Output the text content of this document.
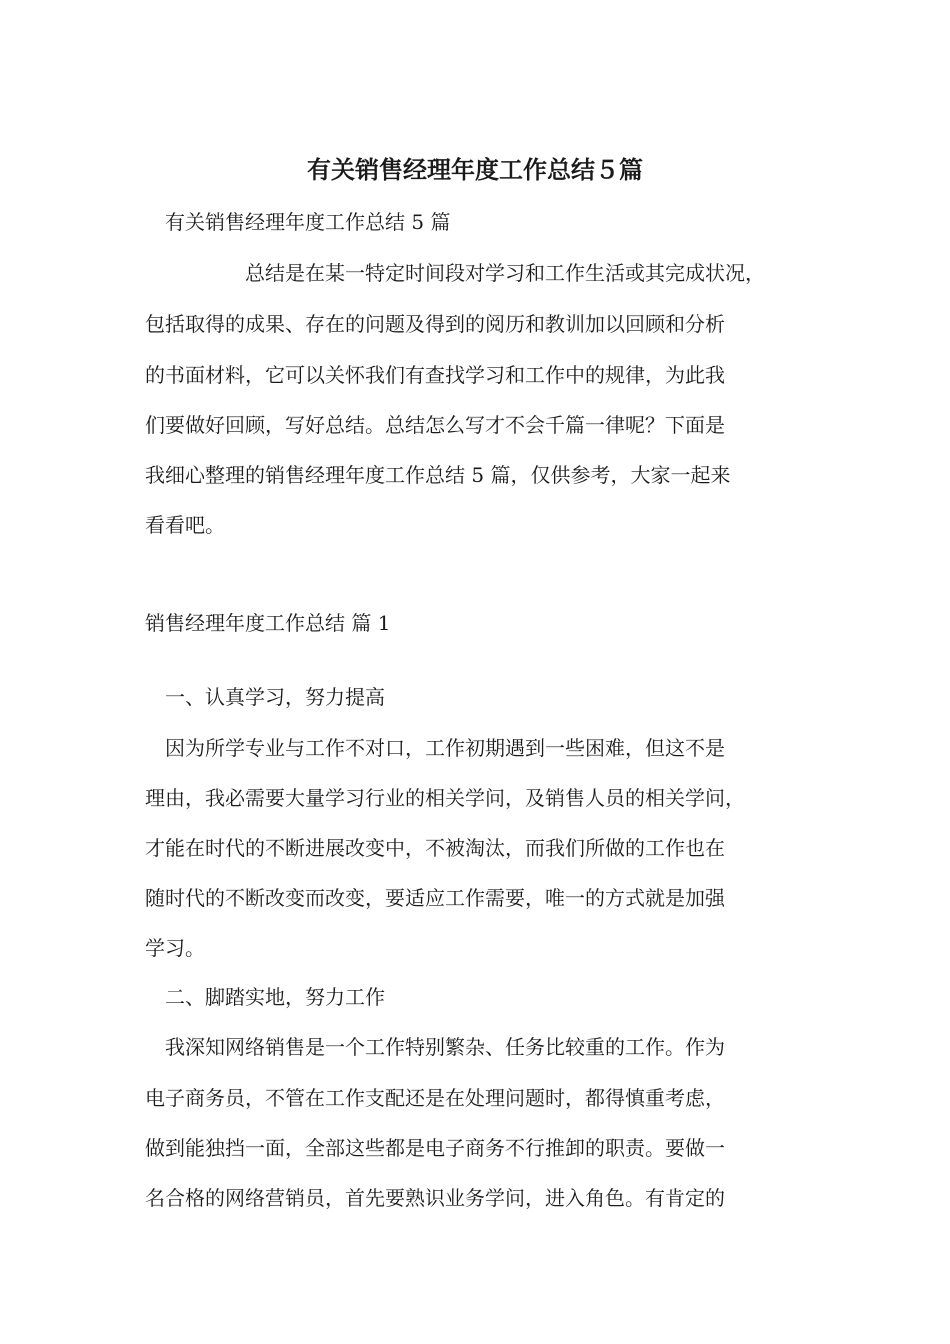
有关销售经理年度工作总结５篇

有关销售经理年度工作总结 5 篇

总结是在某一特定时间段对学习和工作生活或其完成状况，

包括取得的成果、存在的问题及得到的阅历和教训加以回顾和分析

的书面材料，它可以关怀我们有查找学习和工作中的规律，为此我

们要做好回顾，写好总结。总结怎么写才不会千篇一律呢？下面是

我细心整理的销售经理年度工作总结 5 篇，仅供参考，大家一起来

看看吧。

销售经理年度工作总结 篇 1

一、认真学习，努力提高

因为所学专业与工作不对口，工作初期遇到一些困难，但这不是

理由，我必需要大量学习行业的相关学问，及销售人员的相关学问，

才能在时代的不断进展改变中，不被淘汰，而我们所做的工作也在

随时代的不断改变而改变，要适应工作需要，唯一的方式就是加强

学习。

二、脚踏实地，努力工作

我深知网络销售是一个工作特别繁杂、任务比较重的工作。作为

电子商务员，不管在工作支配还是在处理问题时，都得慎重考虑，

做到能独挡一面，全部这些都是电子商务不行推卸的职责。要做一

名合格的网络营销员，首先要熟识业务学问，进入角色。有肯定的
